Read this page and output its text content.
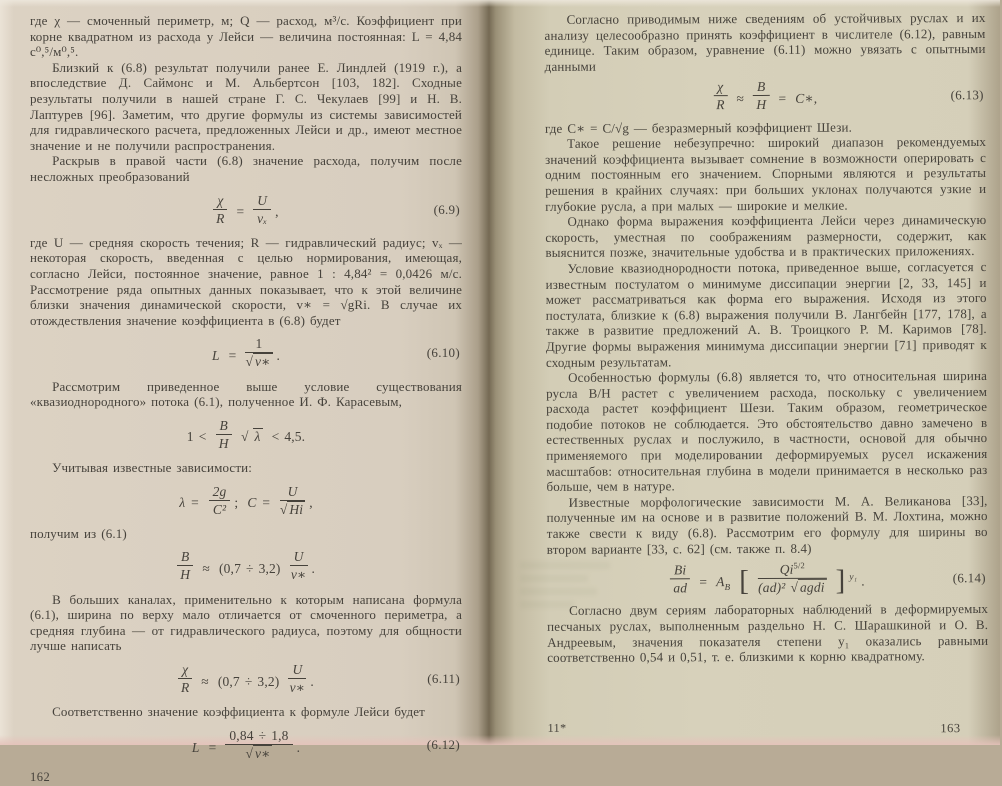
где χ — смоченный периметр, м; Q — расход, м³/с. Коэффициент при корне квадратном из расхода у Лейси — величина постоянная: L = 4,84 с⁰,⁵/м⁰,⁵.

Близкий к (6.8) результат получили ранее Е. Линдлей (1919 г.), а впоследствие Д. Саймонс и М. Альбертсон [103, 182]. Сходные результаты получили в нашей стране Г. С. Чекулаев [99] и Н. В. Лаптурев [96]. Заметим, что другие формулы из системы зависимостей для гидравлического расчета, предложенных Лейси и др., имеют местное значение и не получили распространения.

Раскрыв в правой части (6.8) значение расхода, получим после несложных преобразований

$\frac{\chi}{R} = \frac{U}{\text{vₓ}}$ ,	(6.9)

где U — средняя скорость течения; R — гидравлический радиус; vₓ — некоторая скорость, введенная с целью нормирования, имеющая, согласно Лейси, постоянное значение, равное 1 : 4,84² = 0,0426 м/с. Рассмотрение ряда опытных данных показывает, что к этой величине близки значения динамической скорости, v∗ = √gRi. В случае их отождествления значение коэффициента в (6.8) будет

$L = \frac{1}{√ v∗}$ .	(6.10)

Рассмотрим приведенное выше условие существования «квазиоднородного» потока (6.1), полученное И. Ф. Карасевым,

$1 < \frac{B}{H}$ √ λ < 4,5.

Учитывая известные зависимости:

$\lambda = \frac{2g}{\text{C²}}$ ; $C = \frac{U}{√ Hi}$ ,

получим из (6.1)

$\frac{B}{H} \approx (0,7 \div 3,2) \frac{U}{v∗}$ .

В больших каналах, применительно к которым написана формула (6.1), ширина по верху мало отличается от смоченного периметра, а средняя глубина — от гидравлического радиуса, поэтому для общности лучше написать

$\frac{\chi}{R} \approx (0,7 \div 3,2) \frac{U}{v∗}$ .	(6.11)

Соответственно значение коэффициента к формуле Лейси будет

$L = \frac{0,84 \div 1,8}{√ v∗}$ .	(6.12)
162

Согласно приводимым ниже сведениям об устойчивых руслах и их анализу целесообразно принять коэффициент в числителе (6.12), равным единице. Таким образом, уравнение (6.11) можно увязать с опытными данными

$\frac{\chi}{R} \approx \frac{B}{H}$ = C∗,	(6.13)

где C∗ = C/√g — безразмерный коэффициент Шези.

Такое решение небезупречно: широкий диапазон рекомендуемых значений коэффициента вызывает сомнение в возможности оперировать с одним постоянным его значением. Спорными являются и результаты решения в крайних случаях: при больших уклонах получаются узкие и глубокие русла, а при малых — широкие и мелкие.

Однако форма выражения коэффициента Лейси через динамическую скорость, уместная по соображениям размерности, содержит, как выяснится позже, значительные удобства и в практических приложениях.

Условие квазиоднородности потока, приведенное выше, согласуется с известным постулатом о минимуме диссипации энергии [2, 33, 145] и может рассматриваться как форма его выражения. Исходя из этого постулата, близкие к (6.8) выражения получили В. Лангбейн [177, 178], а также в развитие предложений А. В. Троицкого Р. М. Каримов [78]. Другие формы выражения минимума диссипации энергии [71] приводят к сходным результатам.

Особенностью формулы (6.8) является то, что относительная ширина русла B/H растет с увеличением расхода, поскольку с увеличением расхода растет коэффициент Шези. Таким образом, геометрическое подобие потоков не соблюдается. Это обстоятельство давно замечено в естественных руслах и послужило, в частности, основой для обычно применяемого при моделировании деформируемых русел искажения масштабов: относительная глубина в модели принимается в несколько раз больше, чем в натуре.

Известные морфологические зависимости М. А. Великанова [33], полученные им на основе и в развитие положений В. М. Лохтина, можно также свести к виду (6.8). Рассмотрим его формулу для ширины во втором варианте [33, с. 62] (см. также п. 8.4)

$\frac{Bi}{ad} = A_B$ [ $\frac{Qi^{5/2}}{\text{(ad)² √ agdi}}$ ] $^{y_1}$ .	(6.14)

Согласно двум сериям лабораторных наблюдений в деформируемых песчаных руслах, выполненным раздельно Н. С. Шарашкиной и О. В. Андреевым, значения показателя степени y₁ оказались равными соответственно 0,54 и 0,51, т. е. близкими к корню квадратному.

11*	163
